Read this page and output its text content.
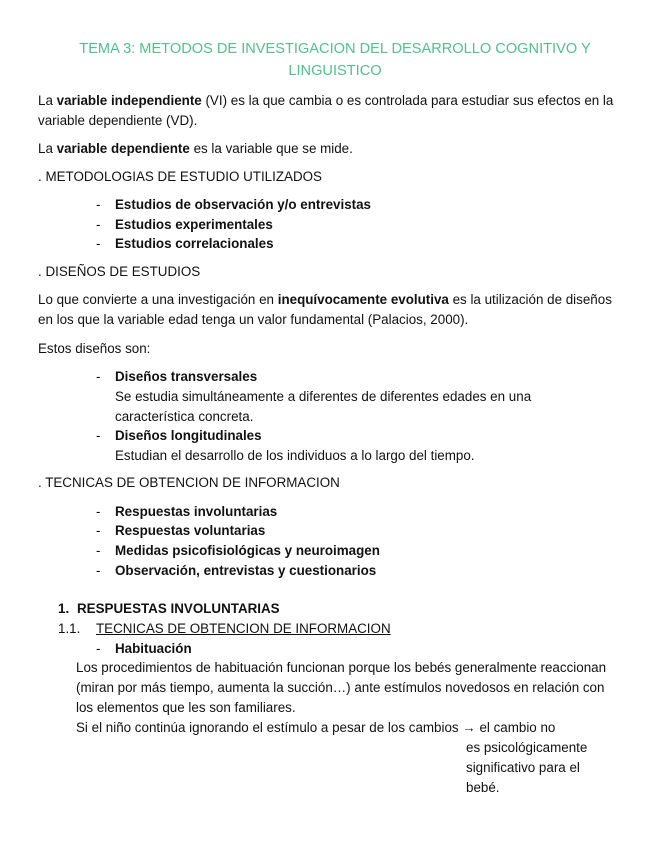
TEMA 3: METODOS DE INVESTIGACION DEL DESARROLLO COGNITIVO Y LINGUISTICO
La variable independiente (VI) es la que cambia o es controlada para estudiar sus efectos en la variable dependiente (VD).
La variable dependiente es la variable que se mide.
. METODOLOGIAS DE ESTUDIO UTILIZADOS
- Estudios de observación y/o entrevistas
- Estudios experimentales
- Estudios correlacionales
. DISEÑOS DE ESTUDIOS
Lo que convierte a una investigación en inequívocamente evolutiva es la utilización de diseños en los que la variable edad tenga un valor fundamental (Palacios, 2000).
Estos diseños son:
- Diseños transversales
Se estudia simultáneamente a diferentes de diferentes edades en una característica concreta.
- Diseños longitudinales
Estudian el desarrollo de los individuos a lo largo del tiempo.
. TECNICAS DE OBTENCION DE INFORMACION
- Respuestas involuntarias
- Respuestas voluntarias
- Medidas psicofisiológicas y neuroimagen
- Observación, entrevistas y cuestionarios
1. RESPUESTAS INVOLUNTARIAS
1.1. TECNICAS DE OBTENCION DE INFORMACION
- Habituación
Los procedimientos de habituación funcionan porque los bebés generalmente reaccionan (miran por más tiempo, aumenta la succión…) ante estímulos novedosos en relación con los elementos que les son familiares.
Si el niño continúa ignorando el estímulo a pesar de los cambios → el cambio no
es psicológicamente significativo para el bebé.
